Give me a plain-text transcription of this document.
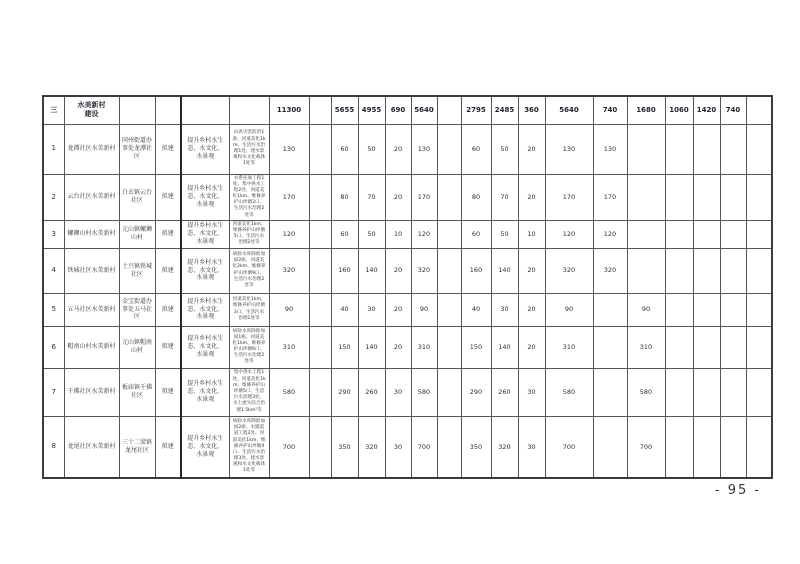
三	水美新村建设					11300		5655	4955	690	5640		2795	2485	360	5640	740	1680	1060	1420	740	
1	龙潭社区水美新村	同州街道办事处龙潭社区	拟建	提升乡村水生态、水文化、水景观	山洪灾害防治1条、河道美化1km、生活污水治理1处、建水景观和水文化载体1处等	130		60	50	20	130		60	50	20	130	130					
2	云台社区水美新村	白衣镇云台社区	拟建	提升乡村水生态、水文化、水景观	水系连通工程1处、集中供水工程2处、河道美化1km、维修养护山坪塘2口、生活污水治理2处等	170		80	70	20	170		80	70	20	170	170					
3	螺狮山村水美新村	元山镇螺狮山村	拟建	提升乡村水生态、水文化、水景观	河道美化1km、维修养护山坪塘5口、生活污水治理2处等	120		60	50	10	120		60	50	10	120	120					
4	铁城社区水美新村	土兴镇铁城社区	拟建	提升乡村水生态、水文化、水景观	病险水库除险加固2座、河道美化2km、维修养护山坪塘9口、生活污水治理2处等	320		160	140	20	320		160	140	20	320	320					
5	五马社区水美新村	金宝街道办事处五马社区	拟建	提升乡村水生态、水文化、水景观	河道美化1km、维修养护山坪塘3口、生活污水治理1处等	90		40	30	20	90		40	30	20	90		90				
6	帽南山村水美新村	元山镇帽南山村	拟建	提升乡村水生态、水文化、水景观	病险水库除险加固1座、河道美化1km、维修养护山坪塘6口、生活污水治理2处等	310		150	140	20	310		150	140	20	310		310				
7	千佛社区水美新村	板庙镇千佛社区	拟建	提升乡村水生态、水文化、水景观	集中供水工程1处、河道美化1km、维修养护山坪塘5口、生活污水治理3处、水土流失综合治理1.5km²等	580		290	260	30	580		290	260	30	580		580				
8	龙尾社区水美新村	三十二梁镇龙尾社区	拟建	提升乡村水生态、水文化、水景观	病险水库除险加固2座、水毁渠道工程2处、河道美化1km、维修养护山坪塘4口、生活污水治理3处、建水景观和水文化载体1处等	700		350	320	30	700		350	320	30	700		700				
- 95 -
